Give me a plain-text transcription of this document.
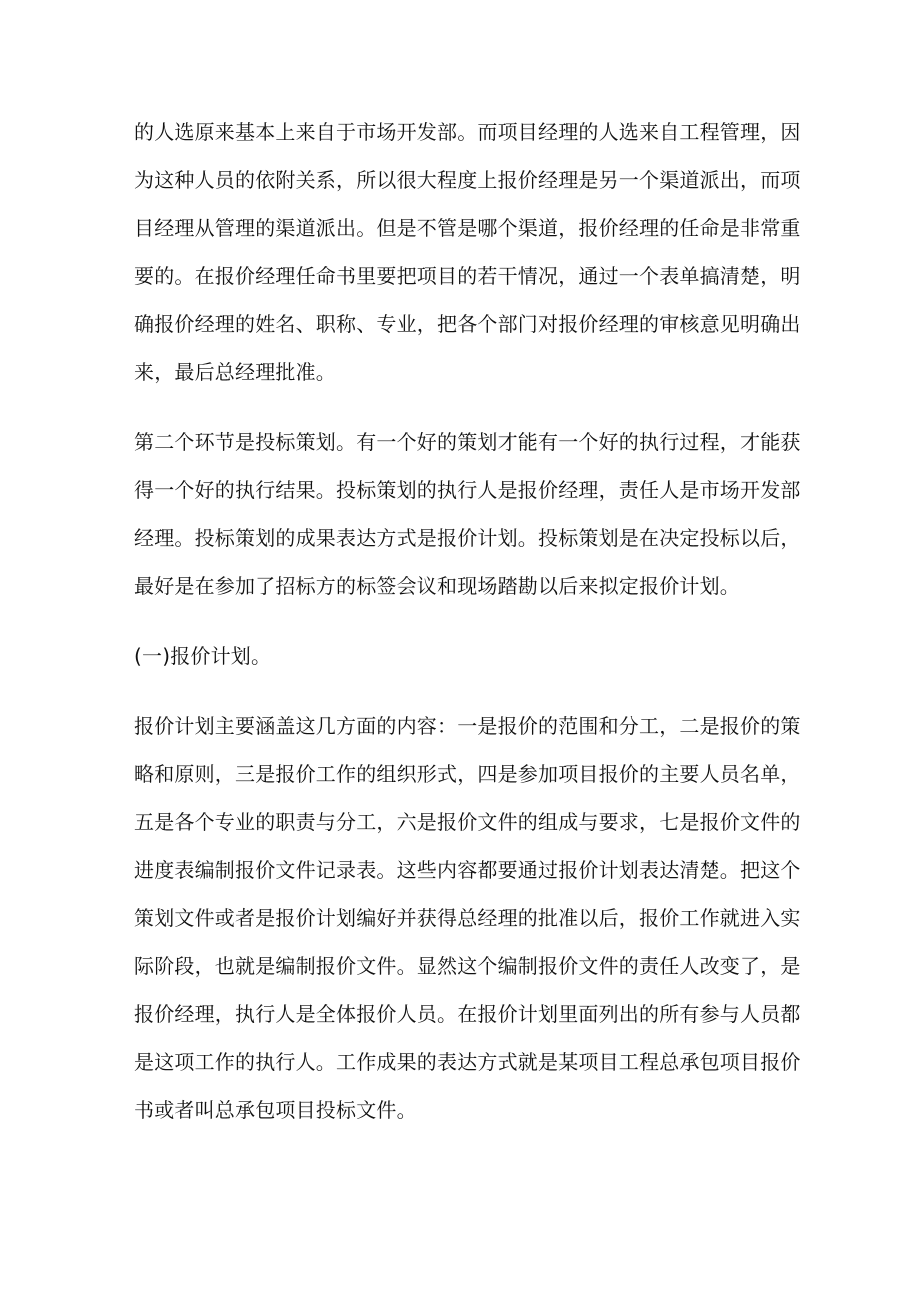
的人选原来基本上来自于市场开发部。而项目经理的人选来自工程管理，因
为这种人员的依附关系，所以很大程度上报价经理是另一个渠道派出，而项
目经理从管理的渠道派出。但是不管是哪个渠道，报价经理的任命是非常重
要的。在报价经理任命书里要把项目的若干情况，通过一个表单搞清楚，明
确报价经理的姓名、职称、专业，把各个部门对报价经理的审核意见明确出
来，最后总经理批准。
第二个环节是投标策划。有一个好的策划才能有一个好的执行过程，才能获
得一个好的执行结果。投标策划的执行人是报价经理，责任人是市场开发部
经理。投标策划的成果表达方式是报价计划。投标策划是在决定投标以后，
最好是在参加了招标方的标签会议和现场踏勘以后来拟定报价计划。
(一)报价计划。
报价计划主要涵盖这几方面的内容：一是报价的范围和分工，二是报价的策
略和原则，三是报价工作的组织形式，四是参加项目报价的主要人员名单，
五是各个专业的职责与分工，六是报价文件的组成与要求，七是报价文件的
进度表编制报价文件记录表。这些内容都要通过报价计划表达清楚。把这个
策划文件或者是报价计划编好并获得总经理的批准以后，报价工作就进入实
际阶段，也就是编制报价文件。显然这个编制报价文件的责任人改变了，是
报价经理，执行人是全体报价人员。在报价计划里面列出的所有参与人员都
是这项工作的执行人。工作成果的表达方式就是某项目工程总承包项目报价
书或者叫总承包项目投标文件。
